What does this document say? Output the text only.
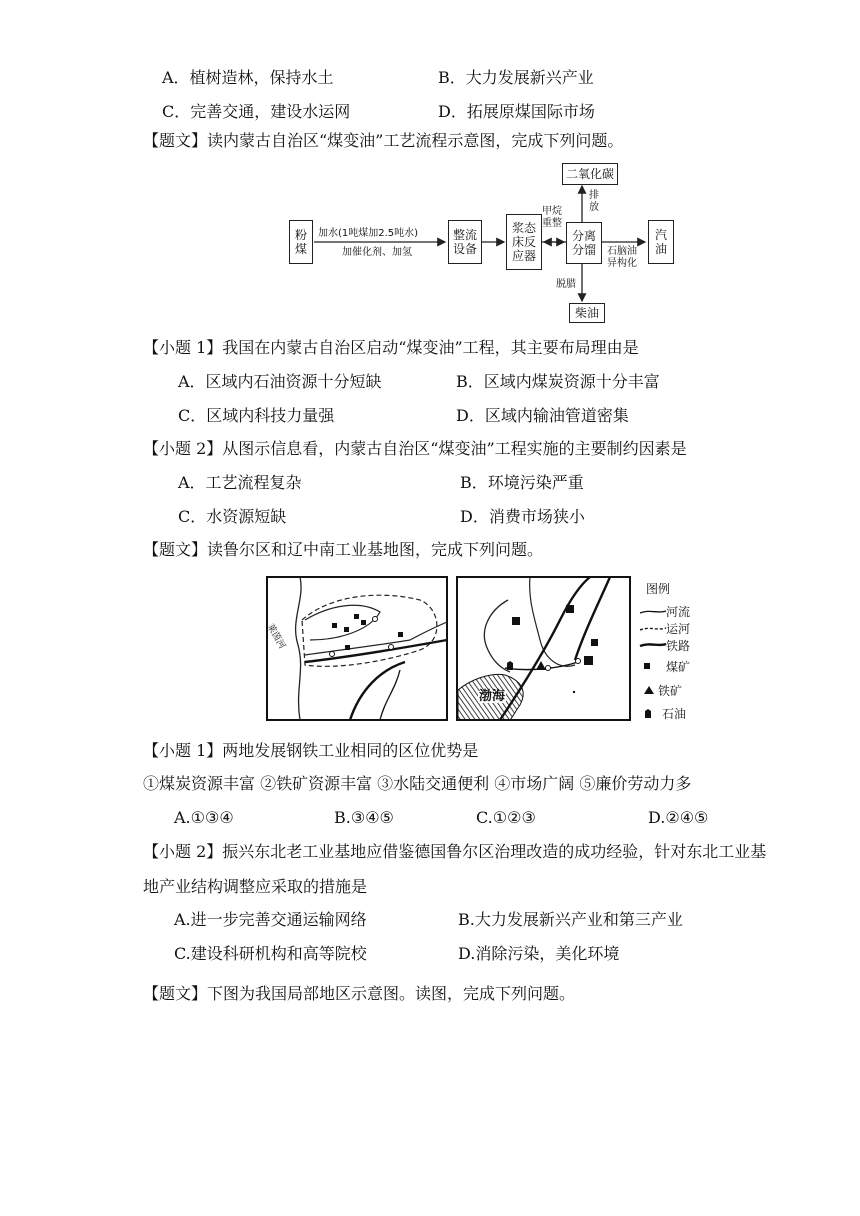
A．植树造林，保持水土	B．大力发展新兴产业
C．完善交通，建设水运网	D．拓展原煤国际市场
【题文】读内蒙古自治区“煤变油”工艺流程示意图，完成下列问题。
粉煤
整流设备
浆态床反应器
分离分馏
二氧化碳
汽油
柴油
加水(1吨煤加2.5吨水)
加催化剂、加氢
甲烷重整
排放
石脑油异构化
脱腊
【小题 1】我国在内蒙古自治区启动“煤变油”工程，其主要布局理由是
A．区域内石油资源十分短缺	B．区域内煤炭资源十分丰富
C．区域内科技力量强	D．区域内输油管道密集
【小题 2】从图示信息看，内蒙古自治区“煤变油”工程实施的主要制约因素是
A．工艺流程复杂	B．环境污染严重
C．水资源短缺	D．消费市场狭小
【题文】读鲁尔区和辽中南工业基地图，完成下列问题。
莱茵河
渤海
图例
河流
运河
铁路
煤矿
铁矿
石油
【小题 1】两地发展钢铁工业相同的区位优势是
①煤炭资源丰富 ②铁矿资源丰富 ③水陆交通便利 ④市场广阔 ⑤廉价劳动力多
A.①③④	B.③④⑤	C.①②③	D.②④⑤
【小题 2】振兴东北老工业基地应借鉴德国鲁尔区治理改造的成功经验，针对东北工业基
地产业结构调整应采取的措施是
A.进一步完善交通运输网络	B.大力发展新兴产业和第三产业
C.建设科研机构和高等院校	D.消除污染，美化环境
【题文】下图为我国局部地区示意图。读图，完成下列问题。
